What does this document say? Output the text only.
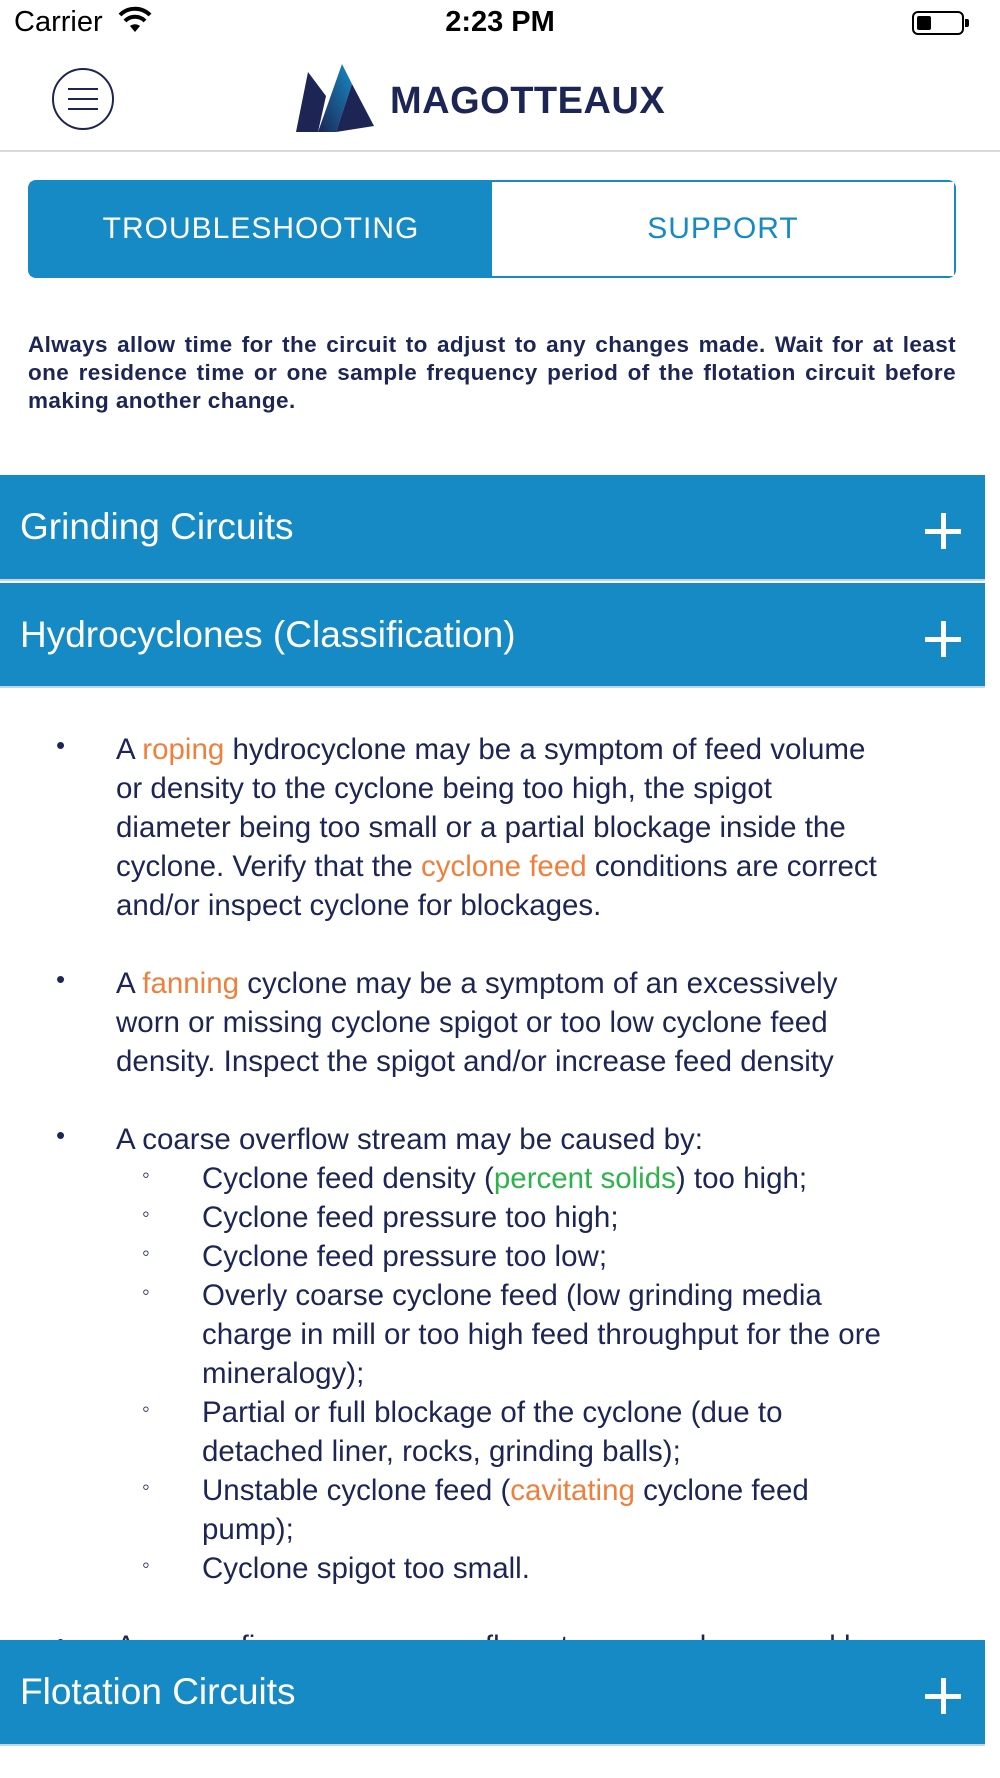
Carrier	2:23 PM
MAGOTTEAUX
TROUBLESHOOTING	SUPPORT
Always allow time for the circuit to adjust to any changes made. Wait for at least one residence time or one sample frequency period of the flotation circuit before making another change.
Grinding Circuits
Hydrocyclones (Classification)
• A roping hydrocyclone may be a symptom of feed volume
or density to the cyclone being too high, the spigot
diameter being too small or a partial blockage inside the
cyclone. Verify that the cyclone feed conditions are correct
and/or inspect cyclone for blockages.
• A fanning cyclone may be a symptom of an excessively
worn or missing cyclone spigot or too low cyclone feed
density. Inspect the spigot and/or increase feed density
• A coarse overflow stream may be caused by:
◦ Cyclone feed density (percent solids) too high;
◦ Cyclone feed pressure too high;
◦ Cyclone feed pressure too low;
◦ Overly coarse cyclone feed (low grinding media
charge in mill or too high feed throughput for the ore
mineralogy);
◦ Partial or full blockage of the cyclone (due to
detached liner, rocks, grinding balls);
◦ Unstable cyclone feed (cavitating cyclone feed
pump);
◦ Cyclone spigot too small.
Flotation Circuits
